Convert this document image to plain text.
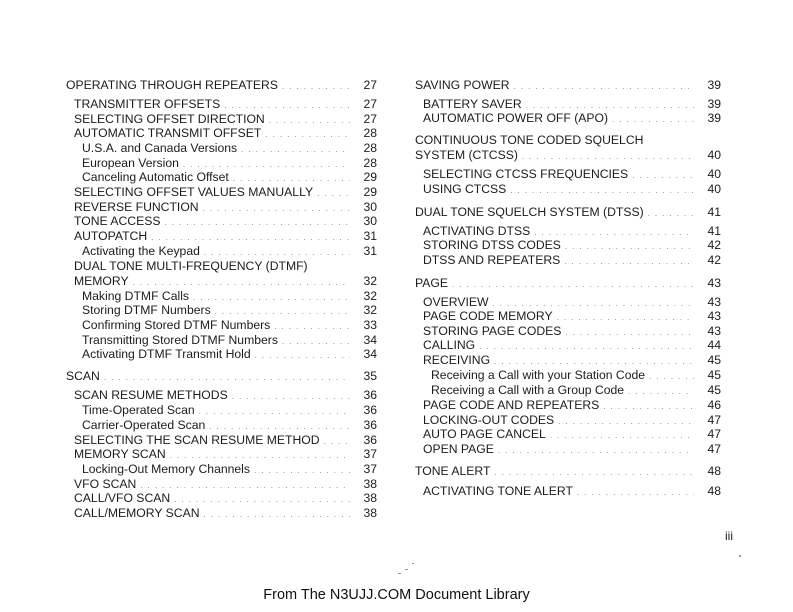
OPERATING THROUGH REPEATERS . . .	27
TRANSMITTER OFFSETS . . .	27
SELECTING OFFSET DIRECTION . . .	27
AUTOMATIC TRANSMIT OFFSET . . .	28
U.S.A. and Canada Versions . . .	28
European Version . . .	28
Canceling Automatic Offset . . .	29
SELECTING OFFSET VALUES MANUALLY . . .	29
REVERSE FUNCTION . . .	30
TONE ACCESS . . .	30
AUTOPATCH . . .	31
Activating the Keypad . . .	31
DUAL TONE MULTI-FREQUENCY (DTMF)
MEMORY . . .	32
Making DTMF Calls . . .	32
Storing DTMF Numbers . . .	32
Confirming Stored DTMF Numbers . . .	33
Transmitting Stored DTMF Numbers . . .	34
Activating DTMF Transmit Hold . . .	34
SCAN . . .	35
SCAN RESUME METHODS . . .	36
Time-Operated Scan . . .	36
Carrier-Operated Scan . . .	36
SELECTING THE SCAN RESUME METHOD . . .	36
MEMORY SCAN . . .	37
Locking-Out Memory Channels . . .	37
VFO SCAN . . .	38
CALL/VFO SCAN . . .	38
CALL/MEMORY SCAN . . .	38
SAVING POWER . . .	39
BATTERY SAVER . . .	39
AUTOMATIC POWER OFF (APO) . . .	39
CONTINUOUS TONE CODED SQUELCH
SYSTEM (CTCSS) . . .	40
SELECTING CTCSS FREQUENCIES . . .	40
USING CTCSS . . .	40
DUAL TONE SQUELCH SYSTEM (DTSS) . . .	41
ACTIVATING DTSS . . .	41
STORING DTSS CODES . . .	42
DTSS AND REPEATERS . . .	42
PAGE . . .	43
OVERVIEW . . .	43
PAGE CODE MEMORY . . .	43
STORING PAGE CODES . . .	43
CALLING . . .	44
RECEIVING . . .	45
Receiving a Call with your Station Code . . .	45
Receiving a Call with a Group Code . . .	45
PAGE CODE AND REPEATERS . . .	46
LOCKING-OUT CODES . . .	47
AUTO PAGE CANCEL . . .	47
OPEN PAGE . . .	47
TONE ALERT . . .	48
ACTIVATING TONE ALERT . . .	48
iii
From The N3UJJ.COM Document Library
